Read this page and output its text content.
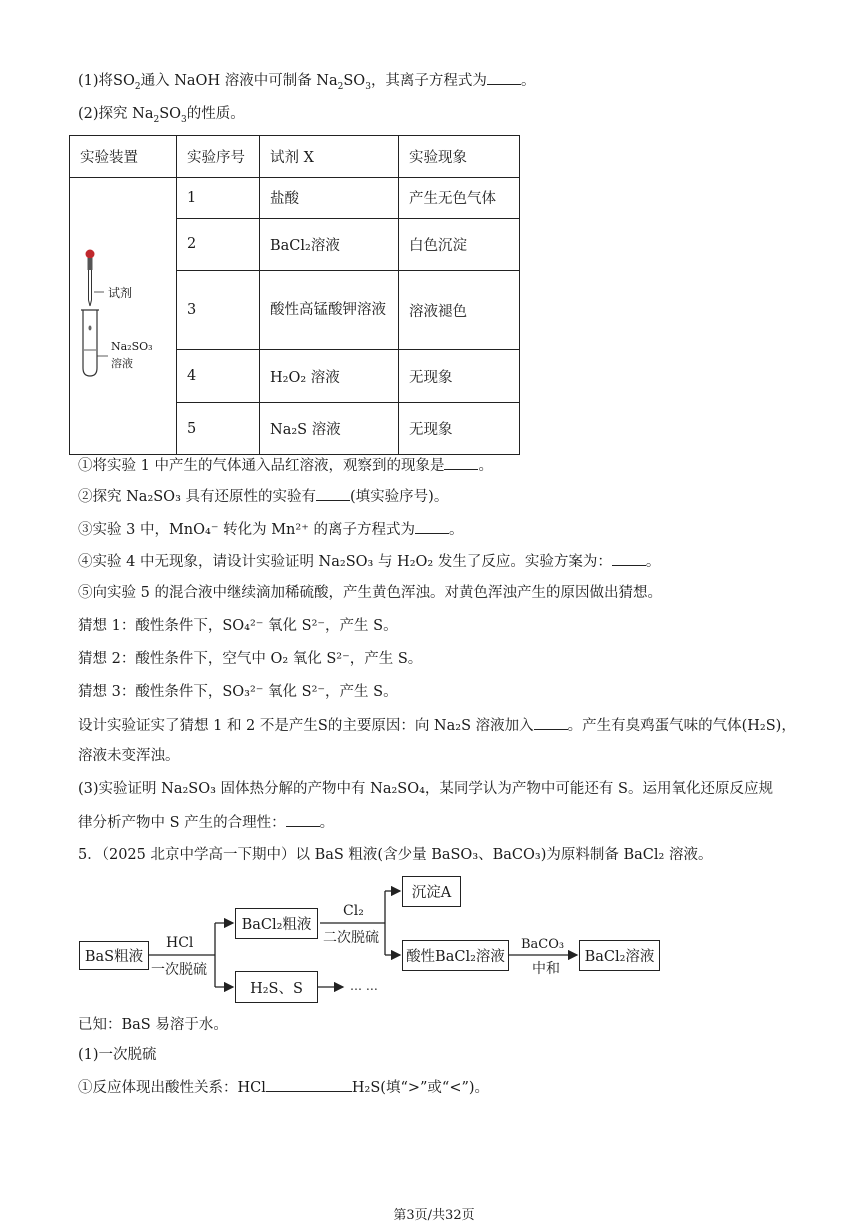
(1)将$SO_2$通入 NaOH 溶液中可制备 $Na_2SO_3$，其离子方程式为 。
(2)探究 $Na_2SO_3$的性质。
实验装置	实验序号	试剂 X	实验现象

试剂
Na₂SO₃
溶液	1	盐酸	产生无色气体
	2	BaCl₂溶液	白色沉淀
	3	酸性高锰酸钾溶液	溶液褪色
	4	H₂O₂ 溶液	无现象
	5	Na₂S 溶液	无现象
①将实验 1 中产生的气体通入品红溶液，观察到的现象是 。
②探究 Na₂SO₃ 具有还原性的实验有 (填实验序号)。
③实验 3 中，MnO₄⁻ 转化为 Mn²⁺ 的离子方程式为 。
④实验 4 中无现象，请设计实验证明 Na₂SO₃ 与 H₂O₂ 发生了反应。实验方案为： 。
⑤向实验 5 的混合液中继续滴加稀硫酸，产生黄色浑浊。对黄色浑浊产生的原因做出猜想。
猜想 1：酸性条件下，SO₄²⁻ 氧化 S²⁻，产生 S。
猜想 2：酸性条件下，空气中 O₂ 氧化 S²⁻，产生 S。
猜想 3：酸性条件下，SO₃²⁻ 氧化 S²⁻，产生 S。
设计实验证实了猜想 1 和 2 不是产生S的主要原因：向 Na₂S 溶液加入 。产生有臭鸡蛋气味的气体(H₂S)，
溶液未变浑浊。
(3)实验证明 Na₂SO₃ 固体热分解的产物中有 Na₂SO₄，某同学认为产物中可能还有 S。运用氧化还原反应规
律分析产物中 S 产生的合理性： 。
5．（2025 北京中学高一下期中）以 BaS 粗液(含少量 BaSO₃、BaCO₃)为原料制备 BaCl₂ 溶液。
BaS粗液
HCl
一次脱硫
BaCl₂粗液
H₂S、S	… …
Cl₂
二次脱硫
沉淀A
酸性BaCl₂溶液
BaCO₃
中和
BaCl₂溶液
已知：BaS 易溶于水。
(1)一次脱硫
①反应体现出酸性关系：HCl	H₂S(填“>”或“<”)。
第3页/共32页
